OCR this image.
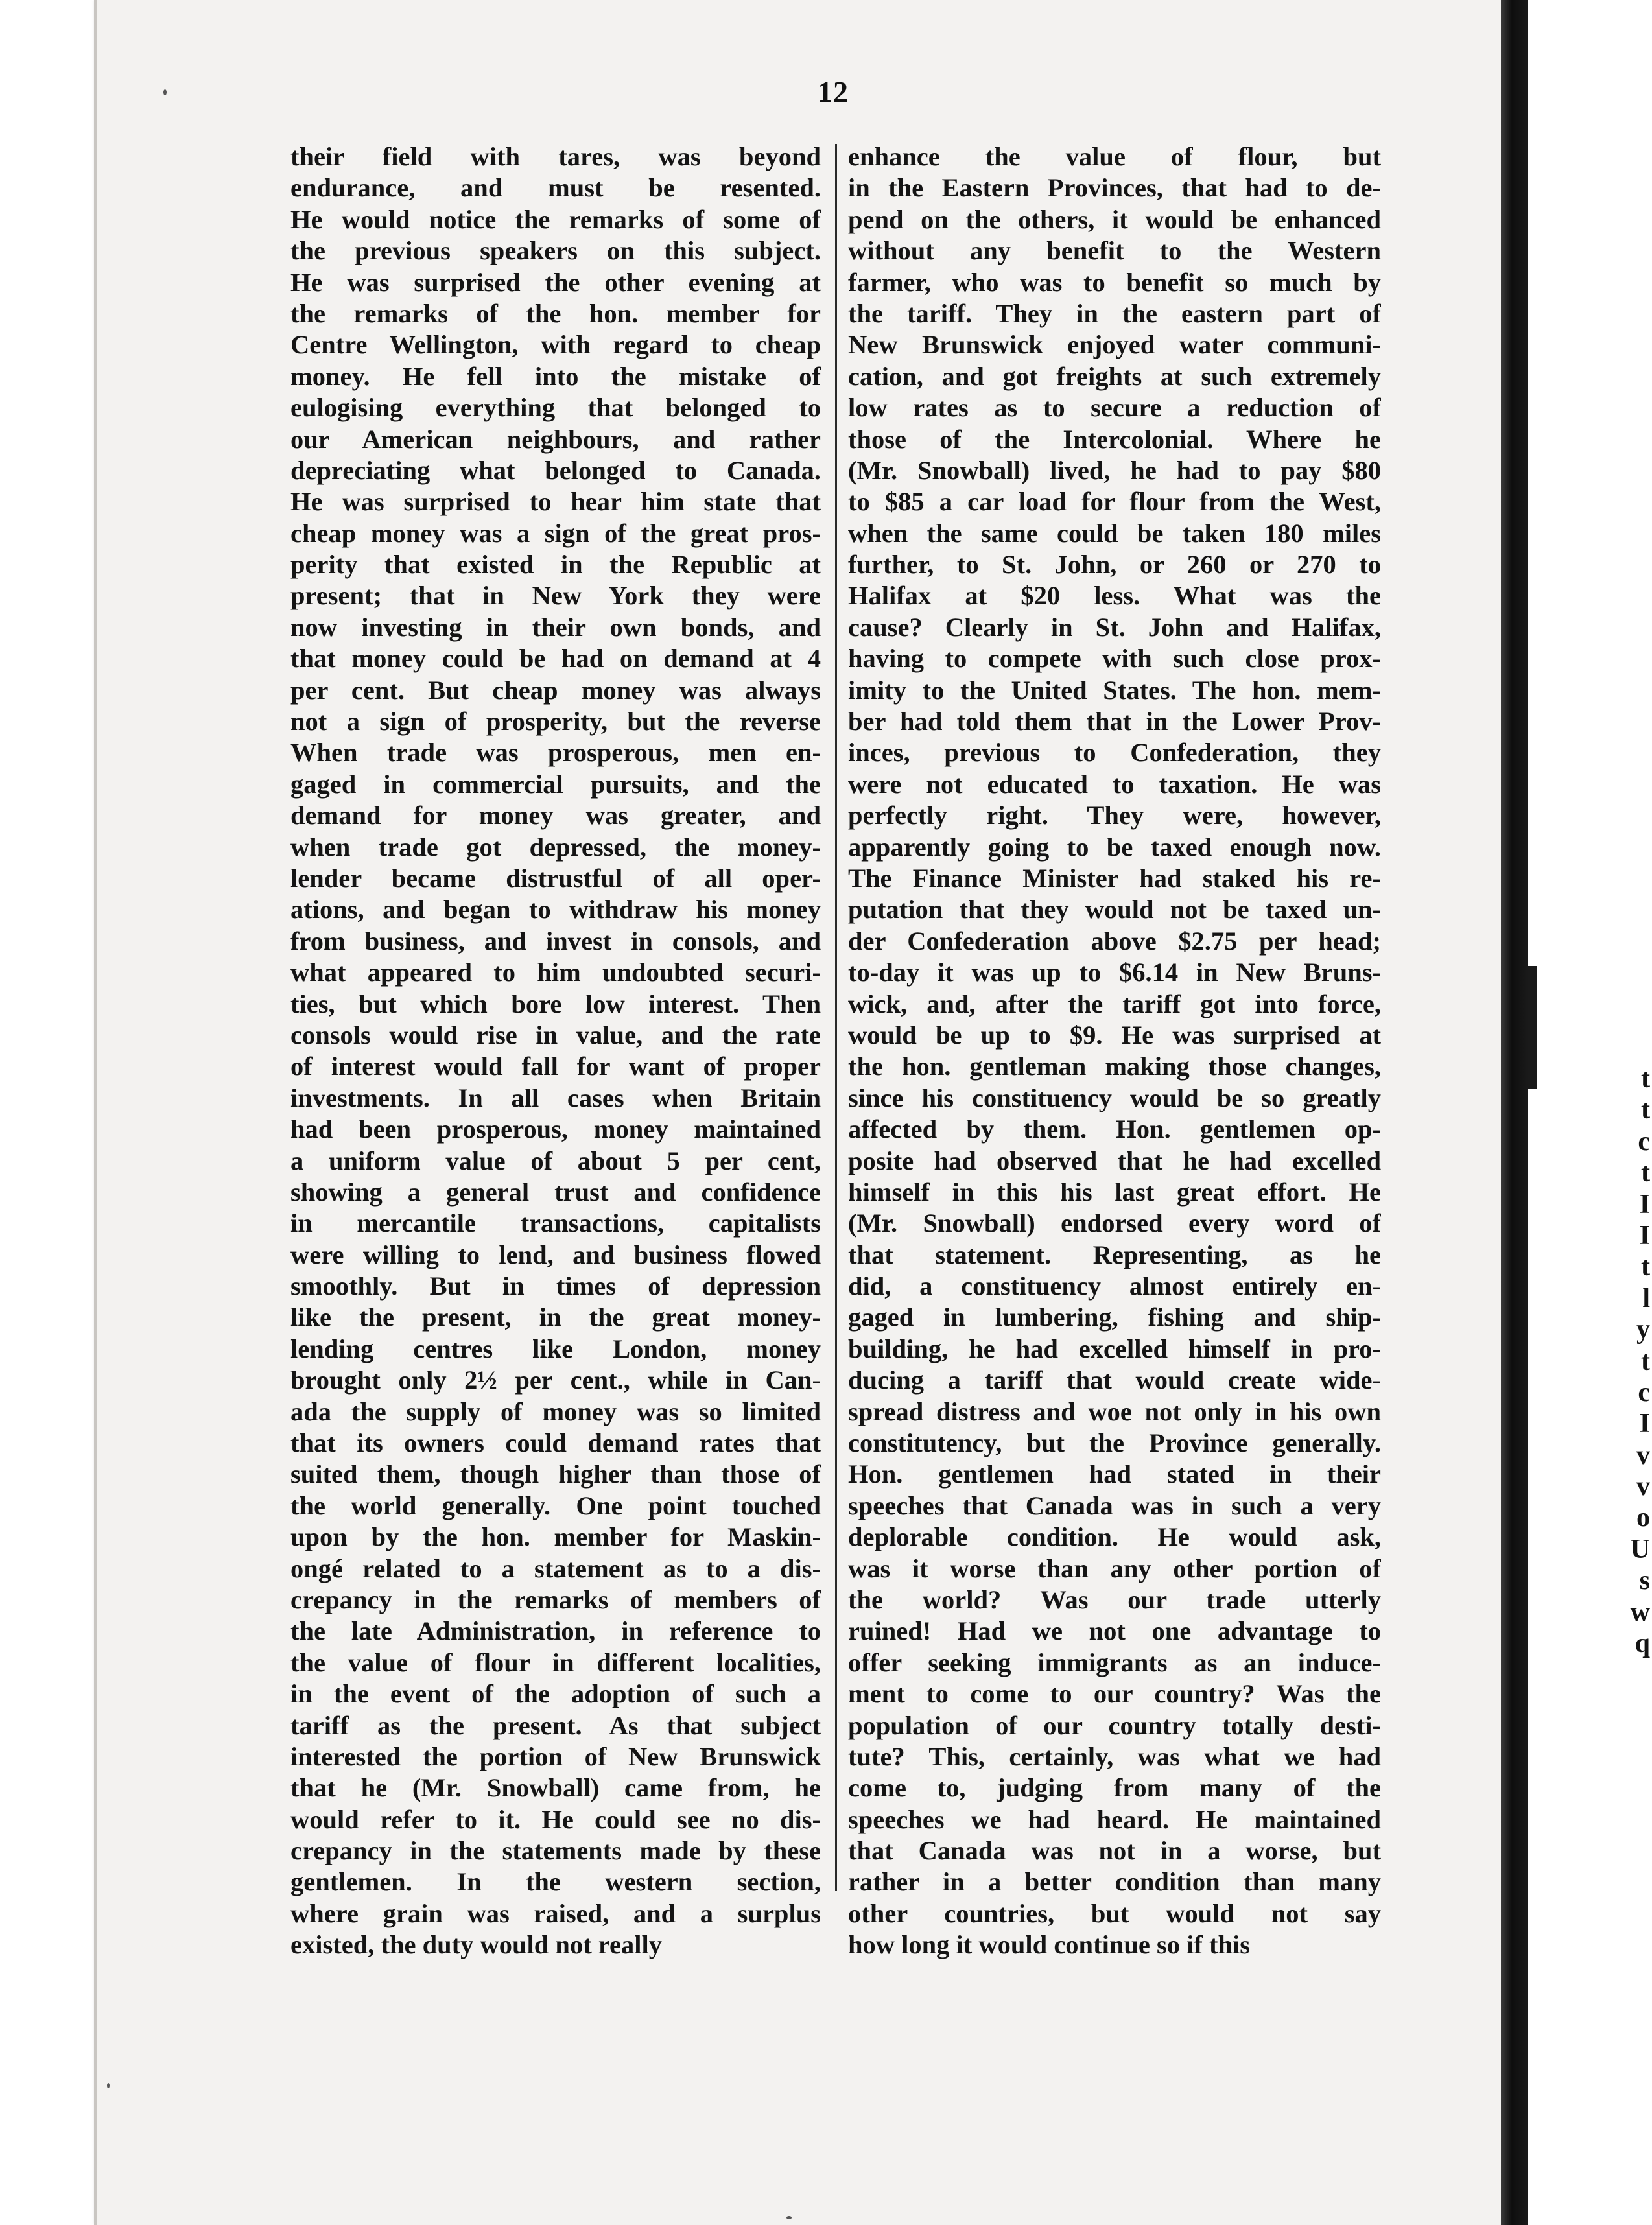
12
their field with tares, was beyond
endurance, and must be resented.
He would notice the remarks of some of
the previous speakers on this subject.
He was surprised the other evening at
the remarks of the hon. member for
Centre Wellington, with regard to cheap
money. He fell into the mistake of
eulogising everything that belonged to
our American neighbours, and rather
depreciating what belonged to Canada.
He was surprised to hear him state that
cheap money was a sign of the great pros-
perity that existed in the Republic at
present; that in New York they were
now investing in their own bonds, and
that money could be had on demand at 4
per cent. But cheap money was always
not a sign of prosperity, but the reverse
When trade was prosperous, men en-
gaged in commercial pursuits, and the
demand for money was greater, and
when trade got depressed, the money-
lender became distrustful of all oper-
ations, and began to withdraw his money
from business, and invest in consols, and
what appeared to him undoubted securi-
ties, but which bore low interest. Then
consols would rise in value, and the rate
of interest would fall for want of proper
investments. In all cases when Britain
had been prosperous, money maintained
a uniform value of about 5 per cent,
showing a general trust and confidence
in mercantile transactions, capitalists
were willing to lend, and business flowed
smoothly. But in times of depression
like the present, in the great money-
lending centres like London, money
brought only 2½ per cent., while in Can-
ada the supply of money was so limited
that its owners could demand rates that
suited them, though higher than those of
the world generally. One point touched
upon by the hon. member for Maskin-
ongé related to a statement as to a dis-
crepancy in the remarks of members of
the late Administration, in reference to
the value of flour in different localities,
in the event of the adoption of such a
tariff as the present. As that subject
interested the portion of New Brunswick
that he (Mr. Snowball) came from, he
would refer to it. He could see no dis-
crepancy in the statements made by these
gentlemen. In the western section,
where grain was raised, and a surplus
existed, the duty would not really
enhance the value of flour, but
in the Eastern Provinces, that had to de-
pend on the others, it would be enhanced
without any benefit to the Western
farmer, who was to benefit so much by
the tariff. They in the eastern part of
New Brunswick enjoyed water communi-
cation, and got freights at such extremely
low rates as to secure a reduction of
those of the Intercolonial. Where he
(Mr. Snowball) lived, he had to pay $80
to $85 a car load for flour from the West,
when the same could be taken 180 miles
further, to St. John, or 260 or 270 to
Halifax at $20 less. What was the
cause? Clearly in St. John and Halifax,
having to compete with such close prox-
imity to the United States. The hon. mem-
ber had told them that in the Lower Prov-
inces, previous to Confederation, they
were not educated to taxation. He was
perfectly right. They were, however,
apparently going to be taxed enough now.
The Finance Minister had staked his re-
putation that they would not be taxed un-
der Confederation above $2.75 per head;
to-day it was up to $6.14 in New Bruns-
wick, and, after the tariff got into force,
would be up to $9. He was surprised at
the hon. gentleman making those changes,
since his constituency would be so greatly
affected by them. Hon. gentlemen op-
posite had observed that he had excelled
himself in this his last great effort. He
(Mr. Snowball) endorsed every word of
that statement. Representing, as he
did, a constituency almost entirely en-
gaged in lumbering, fishing and ship-
building, he had excelled himself in pro-
ducing a tariff that would create wide-
spread distress and woe not only in his own
constitutency, but the Province generally.
Hon. gentlemen had stated in their
speeches that Canada was in such a very
deplorable condition. He would ask,
was it worse than any other portion of
the world? Was our trade utterly
ruined! Had we not one advantage to
offer seeking immigrants as an induce-
ment to come to our country? Was the
population of our country totally desti-
tute? This, certainly, was what we had
come to, judging from many of the
speeches we had heard. He maintained
that Canada was not in a worse, but
rather in a better condition than many
other countries, but would not say
how long it would continue so if this
t
t
c
t
I
I
t
l
y
t
c
I
v
v
o
U
s
w
q
